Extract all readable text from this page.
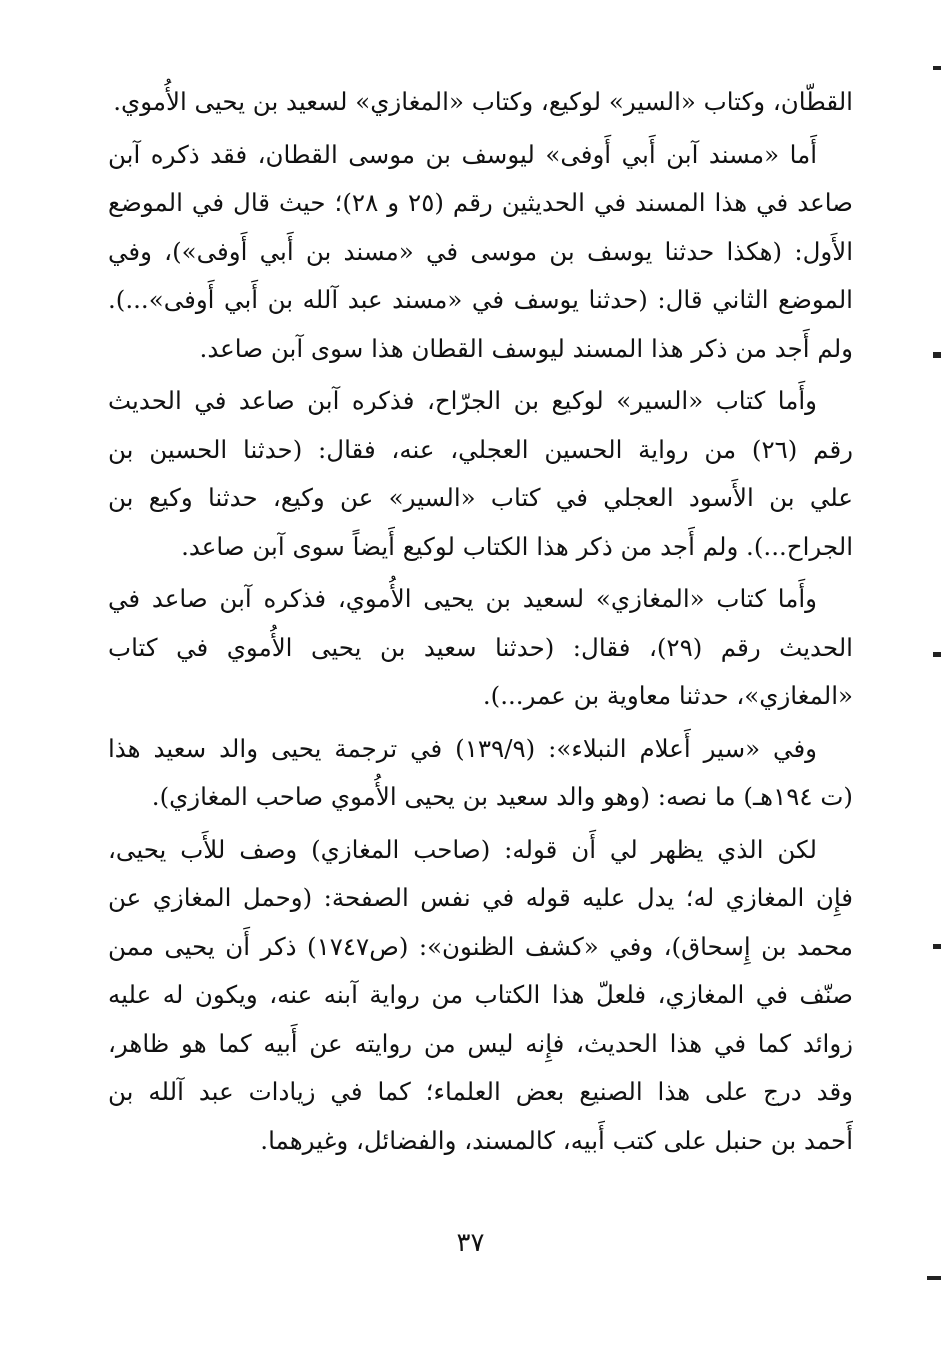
القطّان، وكتاب «السير» لوكيع، وكتاب «المغازي» لسعيد بن يحيى الأُموي.
أَما «مسند آبن أَبي أَوفى» ليوسف بن موسى القطان، فقد ذكره آبن
صاعد في هذا المسند في الحديثين رقم (٢٥ و ٢٨)؛ حيث قال في الموضع
الأَول: (هكذا حدثنا يوسف بن موسى في «مسند بن أَبي أَوفى»)، وفي
الموضع الثاني قال: (حدثنا يوسف في «مسند عبد آلله بن أَبي أَوفى»...).
ولم أَجد من ذكر هذا المسند ليوسف القطان هذا سوى آبن صاعد.
وأَما كتاب «السير» لوكيع بن الجرّاح، فذكره آبن صاعد في الحديث
رقم (٢٦) من رواية الحسين العجلي، عنه، فقال: (حدثنا الحسين بن
علي بن الأَسود العجلي في كتاب «السير» عن وكيع، حدثنا وكيع بن
الجراح...). ولم أَجد من ذكر هذا الكتاب لوكيع أَيضاً سوى آبن صاعد.
وأَما كتاب «المغازي» لسعيد بن يحيى الأُموي، فذكره آبن صاعد في
الحديث رقم (٢٩)، فقال: (حدثنا سعيد بن يحيى الأُموي في كتاب
«المغازي»، حدثنا معاوية بن عمر...).
وفي «سير أَعلام النبلاء»: (١٣٩/٩) في ترجمة يحيى والد سعيد هذا
(ت ١٩٤هـ) ما نصه: (وهو والد سعيد بن يحيى الأُموي صاحب المغازي).
لكن الذي يظهر لي أَن قوله: (صاحب المغازي) وصف للأَب يحيى،
فإِن المغازي له؛ يدل عليه قوله في نفس الصفحة: (وحمل المغازي عن
محمد بن إِسحاق)، وفي «كشف الظنون»: (ص١٧٤٧) ذكر أَن يحيى ممن
صنّف في المغازي، فلعلّ هذا الكتاب من رواية آبنه عنه، ويكون له عليه
زوائد كما في هذا الحديث، فإِنه ليس من روايته عن أَبيه كما هو ظاهر،
وقد درج على هذا الصنيع بعض العلماء؛ كما في زيادات عبد آلله بن
أَحمد بن حنبل على كتب أَبيه، كالمسند، والفضائل، وغيرهما.
٣٧
